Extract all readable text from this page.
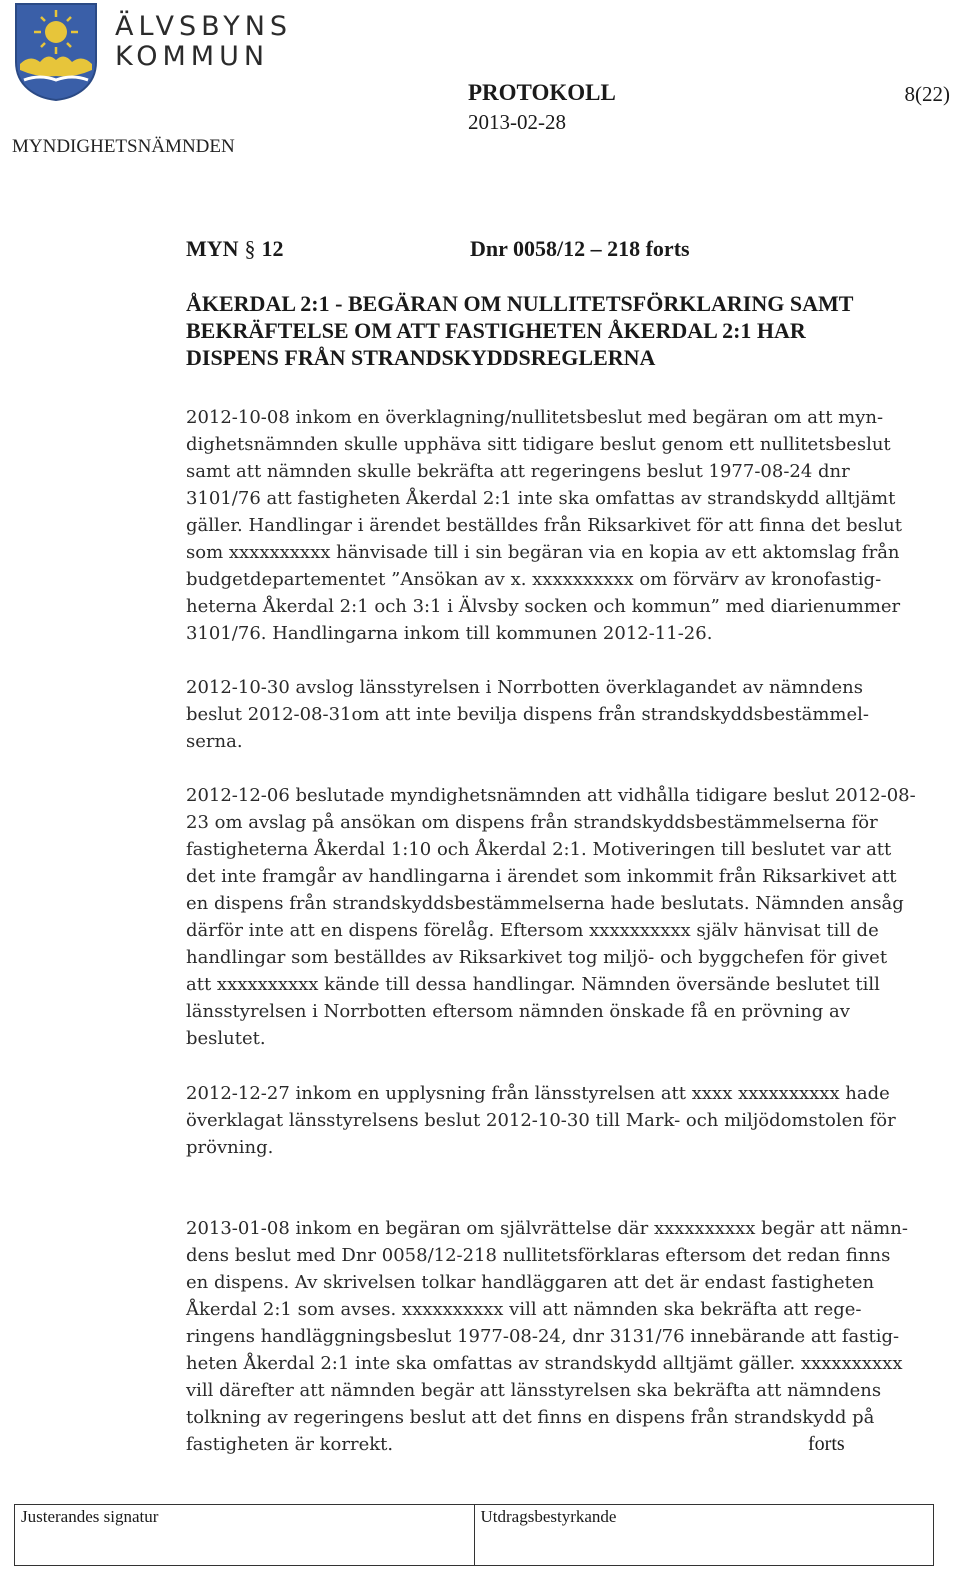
ÄLVSBYNS
KOMMUN
MYNDIGHETSNÄMNDEN
PROTOKOLL
2013-02-28
8(22)
MYN § 12	Dnr 0058/12 – 218 forts
ÅKERDAL 2:1 - BEGÄRAN OM NULLITETSFÖRKLARING SAMT
BEKRÄFTELSE OM ATT FASTIGHETEN ÅKERDAL 2:1 HAR
DISPENS FRÅN STRANDSKYDDSREGLERNA
2012-10-08 inkom en överklagning/nullitetsbeslut med begäran om att myn-
dighetsnämnden skulle upphäva sitt tidigare beslut genom ett nullitetsbeslut
samt att nämnden skulle bekräfta att regeringens beslut 1977-08-24 dnr
3101/76 att fastigheten Åkerdal 2:1 inte ska omfattas av strandskydd alltjämt
gäller. Handlingar i ärendet beställdes från Riksarkivet för att finna det beslut
som xxxxxxxxxx hänvisade till i sin begäran via en kopia av ett aktomslag från
budgetdepartementet ”Ansökan av x. xxxxxxxxxx om förvärv av kronofastig-
heterna Åkerdal 2:1 och 3:1 i Älvsby socken och kommun” med diarienummer
3101/76. Handlingarna inkom till kommunen 2012-11-26.
2012-10-30 avslog länsstyrelsen i Norrbotten överklagandet av nämndens
beslut 2012-08-31om att inte bevilja dispens från strandskyddsbestämmel-
serna.
2012-12-06 beslutade myndighetsnämnden att vidhålla tidigare beslut 2012-08-
23 om avslag på ansökan om dispens från strandskyddsbestämmelserna för
fastigheterna Åkerdal 1:10 och Åkerdal 2:1. Motiveringen till beslutet var att
det inte framgår av handlingarna i ärendet som inkommit från Riksarkivet att
en dispens från strandskyddsbestämmelserna hade beslutats. Nämnden ansåg
därför inte att en dispens förelåg. Eftersom xxxxxxxxxx själv hänvisat till de
handlingar som beställdes av Riksarkivet tog miljö- och byggchefen för givet
att xxxxxxxxxx kände till dessa handlingar. Nämnden översände beslutet till
länsstyrelsen i Norrbotten eftersom nämnden önskade få en prövning av
beslutet.
2012-12-27 inkom en upplysning från länsstyrelsen att xxxx xxxxxxxxxx hade
överklagat länsstyrelsens beslut 2012-10-30 till Mark- och miljödomstolen för
prövning.
2013-01-08 inkom en begäran om självrättelse där xxxxxxxxxx begär att nämn-
dens beslut med Dnr 0058/12-218 nullitetsförklaras eftersom det redan finns
en dispens. Av skrivelsen tolkar handläggaren att det är endast fastigheten
Åkerdal 2:1 som avses. xxxxxxxxxx vill att nämnden ska bekräfta att rege-
ringens handläggningsbeslut 1977-08-24, dnr 3131/76 innebärande att fastig-
heten Åkerdal 2:1 inte ska omfattas av strandskydd alltjämt gäller. xxxxxxxxxx
vill därefter att nämnden begär att länsstyrelsen ska bekräfta att nämndens
tolkning av regeringens beslut att det finns en dispens från strandskydd på
fastigheten är korrekt.	forts
Justerandes signatur	Utdragsbestyrkande
